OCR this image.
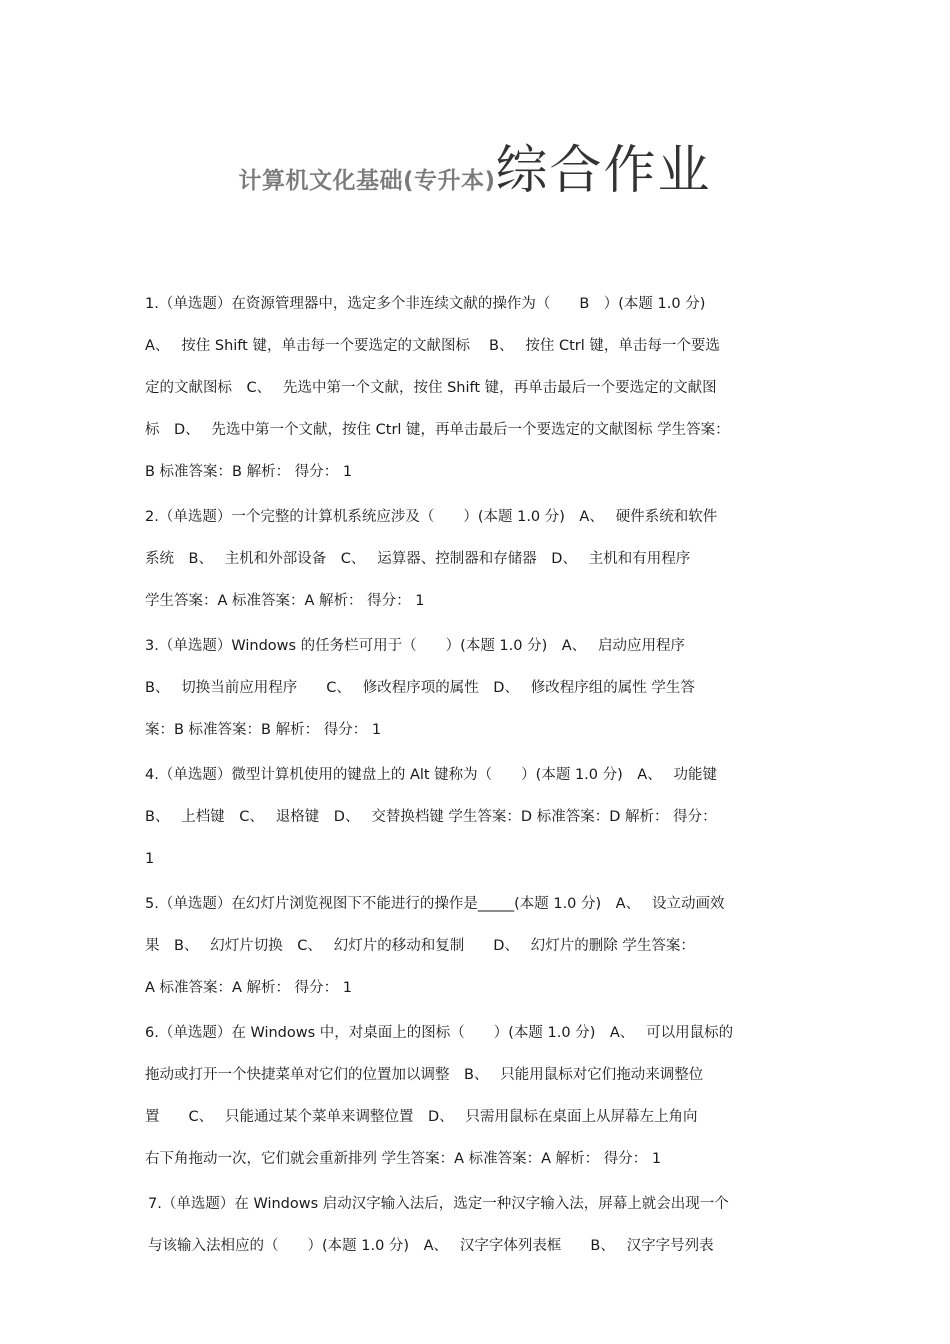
计算机文化基础(专升本)综合作业
1.（单选题）在资源管理器中，选定多个非连续文献的操作为（　　B　）(本题 1.0 分)
A、　 按住 Shift 键，单击每一个要选定的文献图标　 B、　 按住 Ctrl 键，单击每一个要选
定的文献图标　C、　 先选中第一个文献，按住 Shift 键，再单击最后一个要选定的文献图
标　D、　 先选中第一个文献，按住 Ctrl 键，再单击最后一个要选定的文献图标 学生答案：
B 标准答案：B 解析： 得分： 1
2.（单选题）一个完整的计算机系统应涉及（　　）(本题 1.0 分)　A、　 硬件系统和软件
系统　B、　 主机和外部设备　C、　 运算器、控制器和存储器　D、　 主机和有用程序
学生答案：A 标准答案：A 解析： 得分： 1
3.（单选题）Windows 的任务栏可用于（　　）(本题 1.0 分)　A、　 启动应用程序
B、　 切换当前应用程序　　C、　 修改程序项的属性　D、　 修改程序组的属性 学生答
案：B 标准答案：B 解析： 得分： 1
4.（单选题）微型计算机使用的键盘上的 Alt 键称为（　　）(本题 1.0 分)　A、　 功能键
B、　 上档键　C、　 退格键　D、　 交替换档键 学生答案：D 标准答案：D 解析： 得分：
1
5.（单选题）在幻灯片浏览视图下不能进行的操作是_____(本题 1.0 分)　A、　 设立动画效
果　B、　 幻灯片切换　C、　 幻灯片的移动和复制　　D、　 幻灯片的删除 学生答案：
A 标准答案：A 解析： 得分： 1
6.（单选题）在 Windows 中，对桌面上的图标（　　）(本题 1.0 分)　A、　 可以用鼠标的
拖动或打开一个快捷菜单对它们的位置加以调整　B、　 只能用鼠标对它们拖动来调整位
置　　C、　 只能通过某个菜单来调整位置　D、　 只需用鼠标在桌面上从屏幕左上角向
右下角拖动一次，它们就会重新排列 学生答案：A 标准答案：A 解析： 得分： 1
7.（单选题）在 Windows 启动汉字输入法后，选定一种汉字输入法，屏幕上就会出现一个
与该输入法相应的（　　）(本题 1.0 分)　A、　 汉字字体列表框　　B、　 汉字字号列表
